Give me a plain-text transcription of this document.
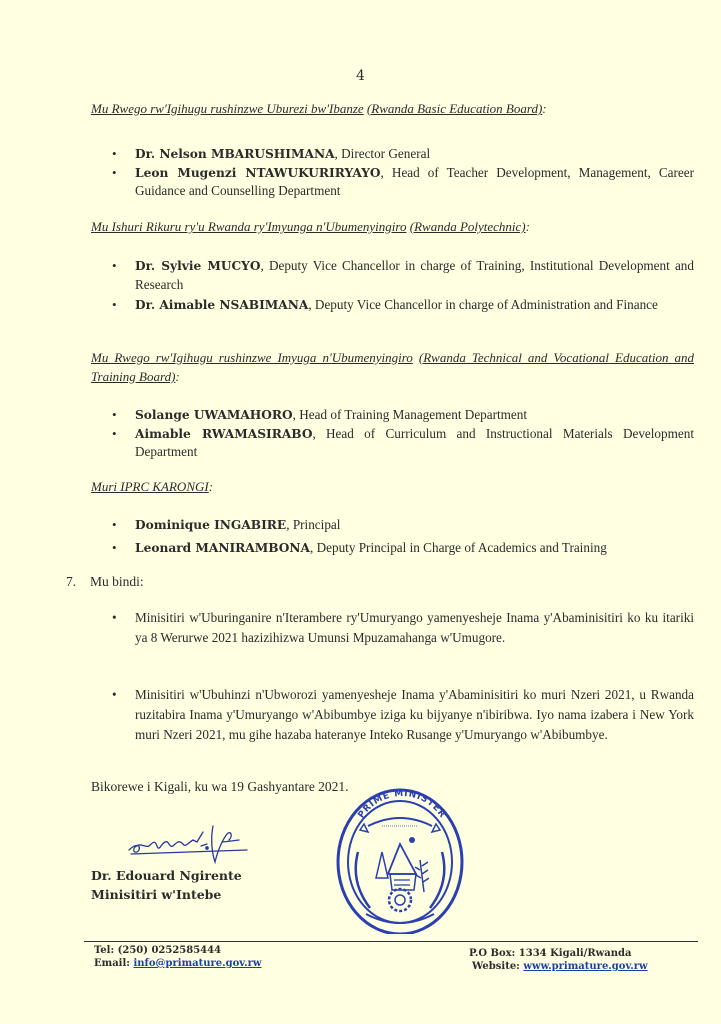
4
Mu Rwego rw'Igihugu rushinzwe Uburezi bw'Ibanze (Rwanda Basic Education Board):
• Dr. Nelson MBARUSHIMANA, Director General
• Leon Mugenzi NTAWUKURIRYAYO, Head of Teacher Development, Management, Career Guidance and Counselling Department
Mu Ishuri Rikuru ry'u Rwanda ry'Imyunga n'Ubumenyingiro (Rwanda Polytechnic):
• Dr. Sylvie MUCYO, Deputy Vice Chancellor in charge of Training, Institutional Development and Research
• Dr. Aimable NSABIMANA, Deputy Vice Chancellor in charge of Administration and Finance
Mu Rwego rw'Igihugu rushinzwe Imyuga n'Ubumenyingiro (Rwanda Technical and Vocational Education and Training Board):
• Solange UWAMAHORO, Head of Training Management Department
• Aimable RWAMASIRABO, Head of Curriculum and Instructional Materials Development Department
Muri IPRC KARONGI:
• Dominique INGABIRE, Principal
• Leonard MANIRAMBONA, Deputy Principal in Charge of Academics and Training
7. Mu bindi:
• Minisitiri w'Uburinganire n'Iterambere ry'Umuryango yamenyesheje Inama y'Abaminisitiri ko ku itariki ya 8 Werurwe 2021 hazizihizwa Umunsi Mpuzamahanga w'Umugore.
• Minisitiri w'Ubuhinzi n'Ubworozi yamenyesheje Inama y'Abaminisitiri ko muri Nzeri 2021, u Rwanda ruzitabira Inama y'Umuryango w'Abibumbye iziga ku bijyanye n'ibiribwa. Iyo nama izabera i New York muri Nzeri 2021, mu gihe hazaba hateranye Inteko Rusange y'Umuryango w'Abibumbye.
Bikorewe i Kigali, ku wa 19 Gashyantare 2021.
Dr. Edouard Ngirente
Minisitiri w'Intebe
PRIME MINISTER
Tel: (250) 0252585444
Email: info@primature.gov.rw
P.O Box: 1334 Kigali/Rwanda
Website: www.primature.gov.rw
